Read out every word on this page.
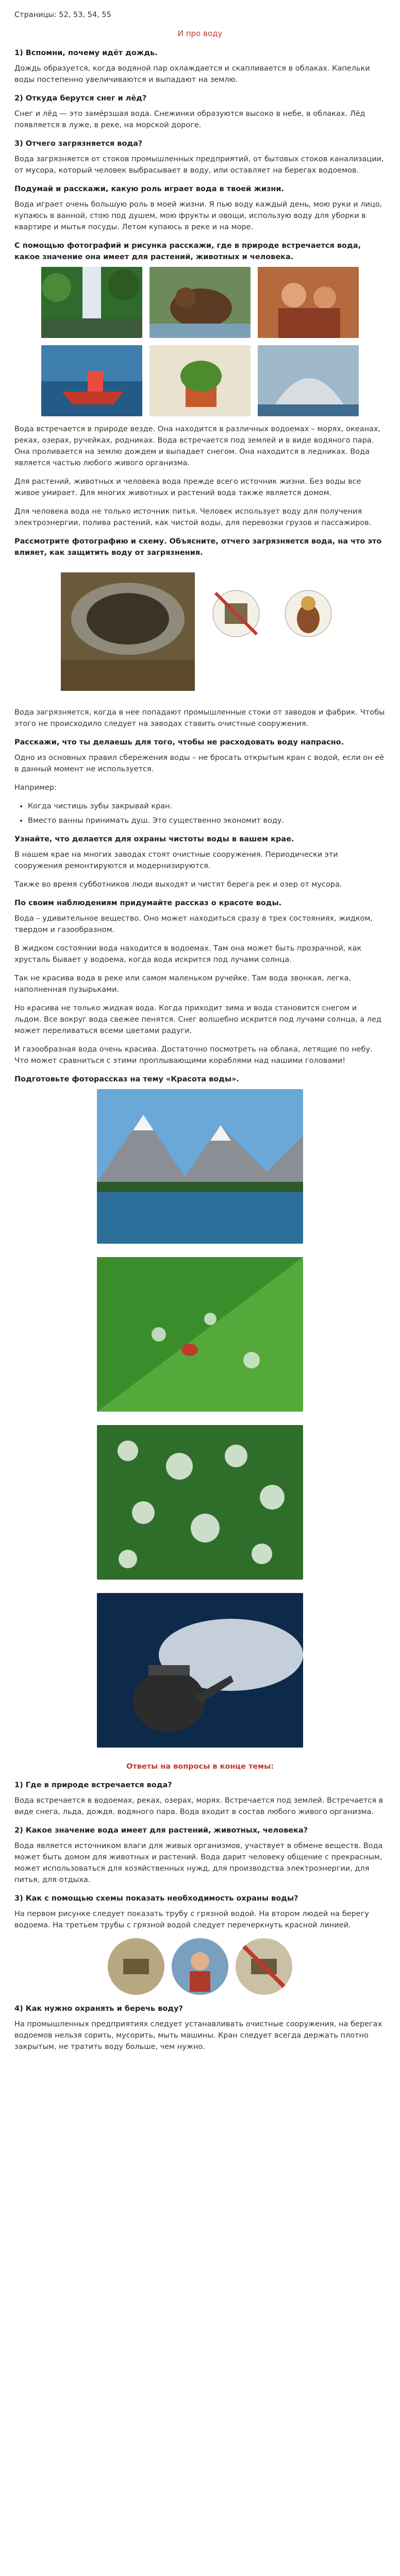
Страницы: 52, 53, 54, 55
И про воду
1) Вспомни, почему идёт дождь.
Дождь образуется, когда водяной пар охлаждается и скапливается в облаках. Капельки воды постепенно увеличиваются и выпадают на землю.
2) Откуда берутся снег и лёд?
Снег и лёд — это замёрзшая вода. Снежинки образуются высоко в небе, в облаках. Лёд появляется в луже, в реке, на морской дороге.
3) Отчего загрязняется вода?
Вода загрязняется от стоков промышленных предприятий, от бытовых стоков канализации, от мусора, который человек выбрасывает в воду, или оставляет на берегах водоемов.
Подумай и расскажи, какую роль играет вода в твоей жизни.
Вода играет очень большую роль в моей жизни. Я пью воду каждый день, мою руки и лицо, купаюсь в ванной, стою под душем, мою фрукты и овощи, использую воду для уборки в квартире и мытья посуды. Летом купаюсь в реке и на море.
С помощью фотографий и рисунка расскажи, где в природе встречается вода, какое значение она имеет для растений, животных и человека.
Вода встречается в природе везде. Она находится в различных водоемах – морях, океанах, реках, озерах, ручейках, родниках. Вода встречается под землей и в виде водяного пара. Она проливается на землю дождем и выпадает снегом. Она находится в ледниках. Вода является частью любого живого организма.
Для растений, животных и человека вода прежде всего источник жизни. Без воды все живое умирает. Для многих животных и растений вода также является домом.
Для человека вода не только источник питья. Человек использует воду для получения электроэнергии, полива растений, как чистой воды, для перевозки грузов и пассажиров.
Рассмотрите фотографию и схему. Объясните, отчего загрязняется вода, на что это влияет, как защитить воду от загрязнения.
Вода загрязняется, когда в нее попадают промышленные стоки от заводов и фабрик. Чтобы этого не происходило следует на заводах ставить очистные сооружения.
Расскажи, что ты делаешь для того, чтобы не расходовать воду напрасно.
Одно из основных правил сбережения воды – не бросать открытым кран с водой, если он её в данный момент не используется.
Например:
• Когда чистишь зубы закрывай кран.
• Вместо ванны принимать душ. Это существенно экономит воду.
Узнайте, что делается для охраны чистоты воды в вашем крае.
В нашем крае на многих заводах стоят очистные сооружения. Периодически эти сооружения ремонтируются и модернизируются.
Также во время субботников люди выходят и чистят берега рек и озер от мусора.
По своим наблюдениям придумайте рассказ о красоте воды.
Вода – удивительное вещество. Оно может находиться сразу в трех состояниях, жидком, твердом и газообразном.
В жидком состоянии вода находится в водоемах. Там она может быть прозрачной, как хрусталь бывает у водоема, когда вода искрится под лучами солнца.
Так не красива вода в реке или самом маленьком ручейке. Там вода звонкая, легка, наполненная пузырьками.
Но красива не только жидкая вода. Когда приходит зима и вода становится снегом и льдом. Все вокруг вода свежее пенятся. Снег волшебно искрится под лучами солнца, а лед может переливаться всеми цветами радуги.
И газообразная вода очень красива. Достаточно посмотреть на облака, летящие по небу. Что может сравниться с этими проплывающими кораблями над нашими головами!
Подготовьте фоторассказ на тему «Красота воды».
Ответы на вопросы в конце темы:
1) Где в природе встречается вода?
Вода встречается в водоемах, реках, озерах, морях. Встречается под землей. Встречается в виде снега, льда, дождя, водяного пара. Вода входит в состав любого живого организма.
2) Какое значение вода имеет для растений, животных, человека?
Вода является источником влаги для живых организмов, участвует в обмене веществ. Вода может быть домом для животных и растений. Вода дарит человеку общение с прекрасным, может использоваться для хозяйственных нужд, для производства электроэнергии, для питья, для отдыха.
3) Как с помощью схемы показать необходимость охраны воды?
На первом рисунке следует показать трубу с грязной водой. На втором людей на берегу водоема. На третьем трубы с грязной водой следует перечеркнуть красной линией.
4) Как нужно охранять и беречь воду?
На промышленных предприятиях следует устанавливать очистные сооружения, на берегах водоемов нельзя сорить, мусорить, мыть машины. Кран следует всегда держать плотно закрытым, не тратить воду больше, чем нужно.
